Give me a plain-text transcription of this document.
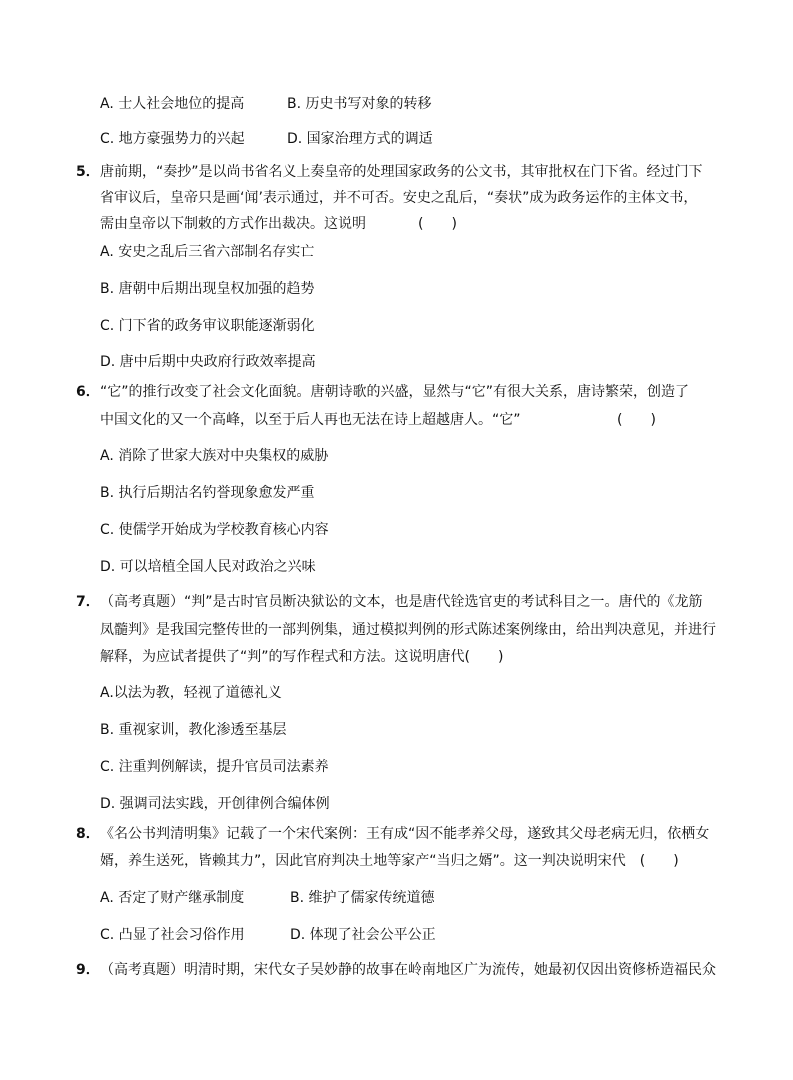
A. 士人社会地位的提高	B. 历史书写对象的转移
C. 地方豪强势力的兴起	D. 国家治理方式的调适
5． 唐前期，“奏抄”是以尚书省名义上奏皇帝的处理国家政务的公文书，其审批权在门下省。经过门下
省审议后，皇帝只是画‘闻’表示通过，并不可否。安史之乱后，“奏状”成为政务运作的主体文书，
需由皇帝以下制敕的方式作出裁决。这说明	(　　)
A. 安史之乱后三省六部制名存实亡
B. 唐朝中后期出现皇权加强的趋势
C. 门下省的政务审议职能逐渐弱化
D. 唐中后期中央政府行政效率提高
6． “它”的推行改变了社会文化面貌。唐朝诗歌的兴盛，显然与“它”有很大关系，唐诗繁荣，创造了
中国文化的又一个高峰，以至于后人再也无法在诗上超越唐人。“它”	(　　)
A. 消除了世家大族对中央集权的威胁
B. 执行后期沽名钓誉现象愈发严重
C. 使儒学开始成为学校教育核心内容
D. 可以培植全国人民对政治之兴味
7． （高考真题）“判”是古时官员断决狱讼的文本，也是唐代铨选官吏的考试科目之一。唐代的《龙筋
凤髓判》是我国完整传世的一部判例集，通过模拟判例的形式陈述案例缘由，给出判决意见，并进行
解释，为应试者提供了“判”的写作程式和方法。这说明唐代(　　)
A.以法为教，轻视了道德礼义
B. 重视家训，教化渗透至基层
C. 注重判例解读，提升官员司法素养
D. 强调司法实践，开创律例合编体例
8． 《名公书判清明集》记载了一个宋代案例：王有成“因不能孝养父母，遂致其父母老病无归，依栖女
婿，养生送死，皆赖其力”，因此官府判决土地等家产“当归之婿”。这一判决说明宋代　(　　)
A. 否定了财产继承制度	B. 维护了儒家传统道德
C. 凸显了社会习俗作用	D. 体现了社会公平公正
9． （高考真题）明清时期，宋代女子吴妙静的故事在岭南地区广为流传，她最初仅因出资修桥造福民众
